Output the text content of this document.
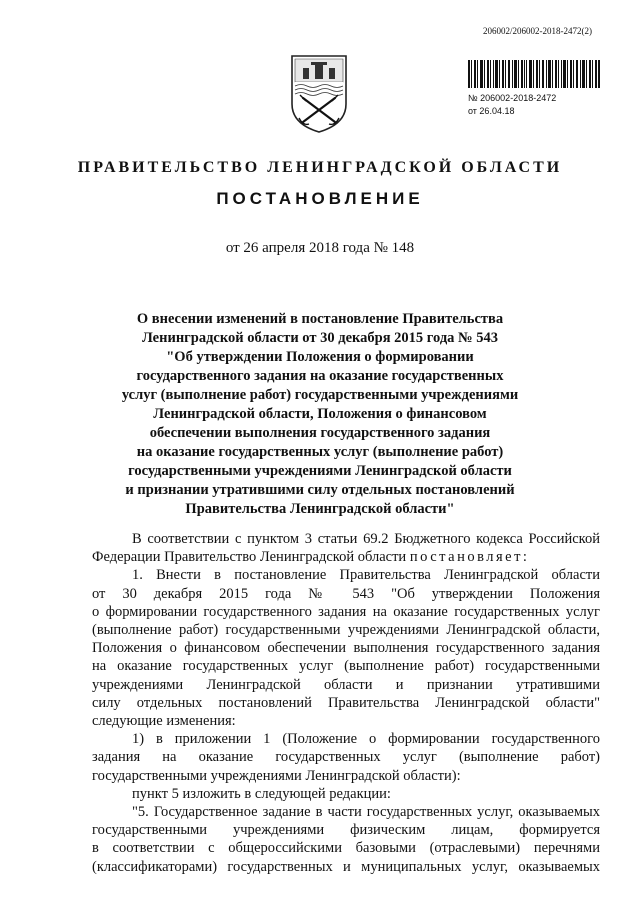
206002/206002-2018-2472(2)
№ 206002-2018-2472
от 26.04.18
ПРАВИТЕЛЬСТВО ЛЕНИНГРАДСКОЙ ОБЛАСТИ
ПОСТАНОВЛЕНИЕ
от 26 апреля 2018 года № 148
О внесении изменений в постановление Правительства
Ленинградской области от 30 декабря 2015 года № 543
"Об утверждении Положения о формировании
государственного задания на оказание государственных
услуг (выполнение работ) государственными учреждениями
Ленинградской области, Положения о финансовом
обеспечении выполнения государственного задания
на оказание государственных услуг (выполнение работ)
государственными учреждениями Ленинградской области
и признании утратившими силу отдельных постановлений
Правительства Ленинградской области"

В соответствии с пунктом 3 статьи 69.2 Бюджетного кодекса Российской

Федерации Правительство Ленинградской области постановляет:

1. Внести в постановление Правительства Ленинградской области

от 30 декабря 2015 года № 543 "Об утверждении Положения

о формировании государственного задания на оказание государственных услуг

(выполнение работ) государственными учреждениями Ленинградской области,

Положения о финансовом обеспечении выполнения государственного задания

на оказание государственных услуг (выполнение работ) государственными

учреждениями Ленинградской области и признании утратившими

силу отдельных постановлений Правительства Ленинградской области"

следующие изменения:

1) в приложении 1 (Положение о формировании государственного

задания на оказание государственных услуг (выполнение работ)

государственными учреждениями Ленинградской области):

пункт 5 изложить в следующей редакции:

"5. Государственное задание в части государственных услуг, оказываемых

государственными учреждениями физическим лицам, формируется

в соответствии с общероссийскими базовыми (отраслевыми) перечнями

(классификаторами) государственных и муниципальных услуг, оказываемых
